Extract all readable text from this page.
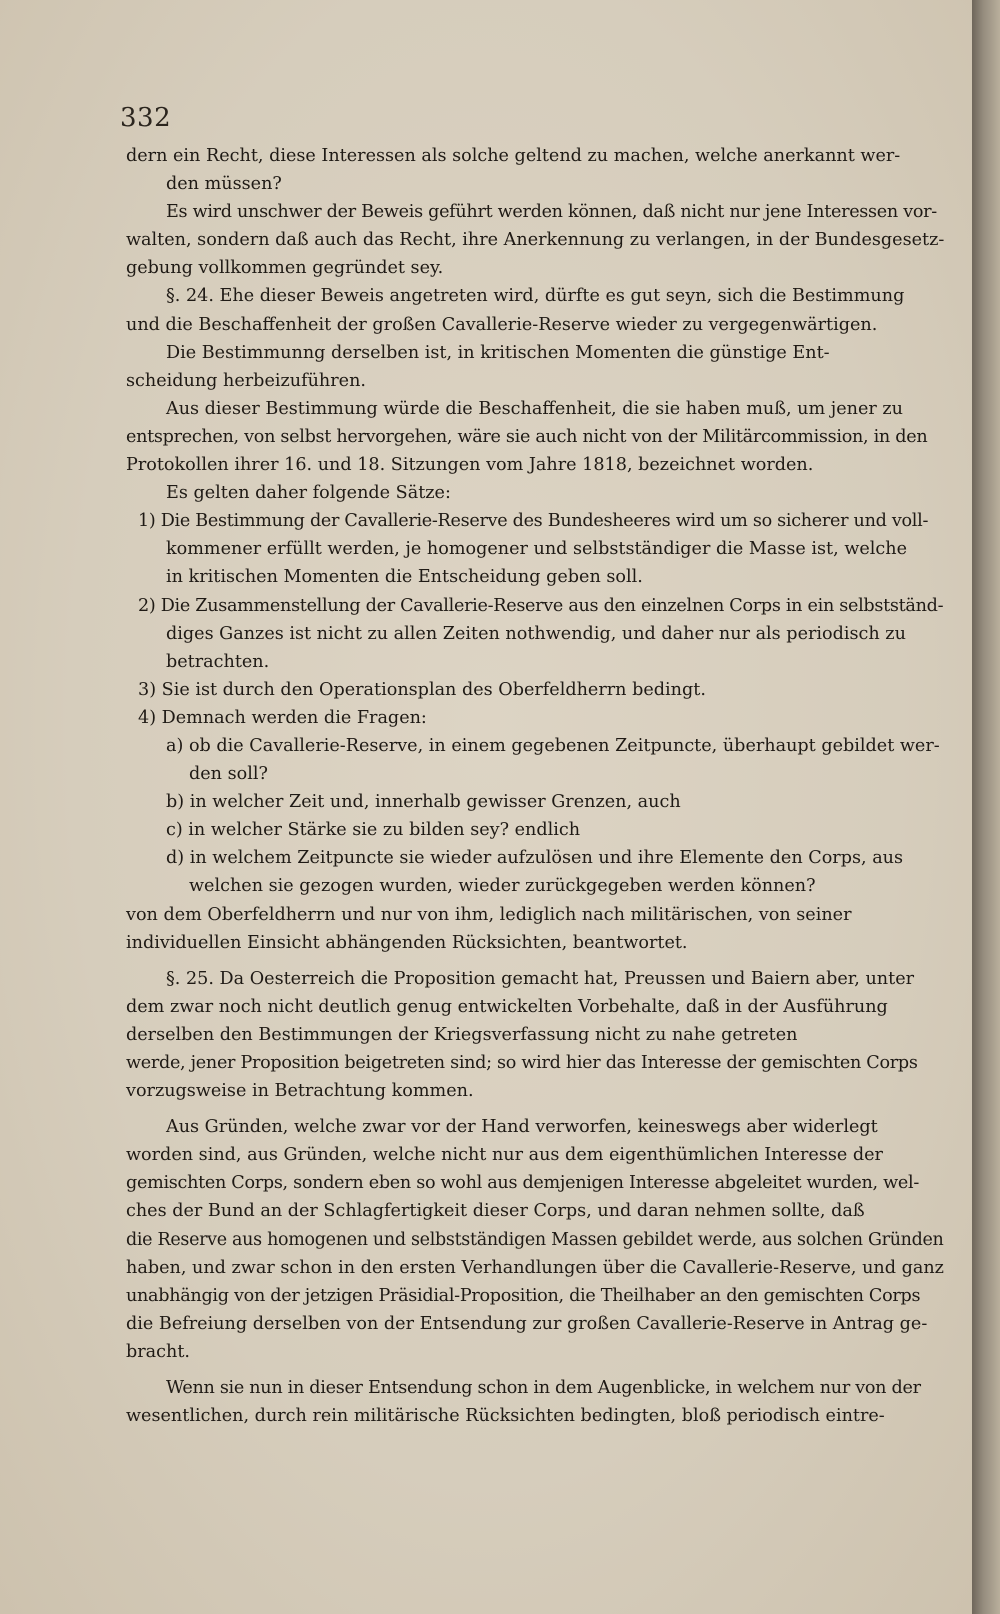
332
dern ein Recht, diese Interessen als solche geltend zu machen, welche anerkannt wer-
den müssen?
Es wird unschwer der Beweis geführt werden können, daß nicht nur jene Interessen vor-
walten, sondern daß auch das Recht, ihre Anerkennung zu verlangen, in der Bundesgesetz-
gebung vollkommen gegründet sey.
§. 24. Ehe dieser Beweis angetreten wird, dürfte es gut seyn, sich die Bestimmung
und die Beschaffenheit der großen Cavallerie-Reserve wieder zu vergegenwärtigen.
Die Bestimmunng derselben ist, in kritischen Momenten die günstige Ent-
scheidung herbeizuführen.
Aus dieser Bestimmung würde die Beschaffenheit, die sie haben muß, um jener zu
entsprechen, von selbst hervorgehen, wäre sie auch nicht von der Militärcommission, in den
Protokollen ihrer 16. und 18. Sitzungen vom Jahre 1818, bezeichnet worden.
Es gelten daher folgende Sätze:
1) Die Bestimmung der Cavallerie-Reserve des Bundesheeres wird um so sicherer und voll-
kommener erfüllt werden, je homogener und selbstständiger die Masse ist, welche
in kritischen Momenten die Entscheidung geben soll.
2) Die Zusammenstellung der Cavallerie-Reserve aus den einzelnen Corps in ein selbstständ-
diges Ganzes ist nicht zu allen Zeiten nothwendig, und daher nur als periodisch zu
betrachten.
3) Sie ist durch den Operationsplan des Oberfeldherrn bedingt.
4) Demnach werden die Fragen:
a) ob die Cavallerie-Reserve, in einem gegebenen Zeitpuncte, überhaupt gebildet wer-
den soll?
b) in welcher Zeit und, innerhalb gewisser Grenzen, auch
c) in welcher Stärke sie zu bilden sey? endlich
d) in welchem Zeitpuncte sie wieder aufzulösen und ihre Elemente den Corps, aus
welchen sie gezogen wurden, wieder zurückgegeben werden können?
von dem Oberfeldherrn und nur von ihm, lediglich nach militärischen, von seiner
individuellen Einsicht abhängenden Rücksichten, beantwortet.
§. 25. Da Oesterreich die Proposition gemacht hat, Preussen und Baiern aber, unter
dem zwar noch nicht deutlich genug entwickelten Vorbehalte, daß in der Ausführung
derselben den Bestimmungen der Kriegsverfassung nicht zu nahe getreten
werde, jener Proposition beigetreten sind; so wird hier das Interesse der gemischten Corps
vorzugsweise in Betrachtung kommen.
Aus Gründen, welche zwar vor der Hand verworfen, keineswegs aber widerlegt
worden sind, aus Gründen, welche nicht nur aus dem eigenthümlichen Interesse der
gemischten Corps, sondern eben so wohl aus demjenigen Interesse abgeleitet wurden, wel-
ches der Bund an der Schlagfertigkeit dieser Corps, und daran nehmen sollte, daß
die Reserve aus homogenen und selbstständigen Massen gebildet werde, aus solchen Gründen
haben, und zwar schon in den ersten Verhandlungen über die Cavallerie-Reserve, und ganz
unabhängig von der jetzigen Präsidial-Proposition, die Theilhaber an den gemischten Corps
die Befreiung derselben von der Entsendung zur großen Cavallerie-Reserve in Antrag ge-
bracht.
Wenn sie nun in dieser Entsendung schon in dem Augenblicke, in welchem nur von der
wesentlichen, durch rein militärische Rücksichten bedingten, bloß periodisch eintre-
